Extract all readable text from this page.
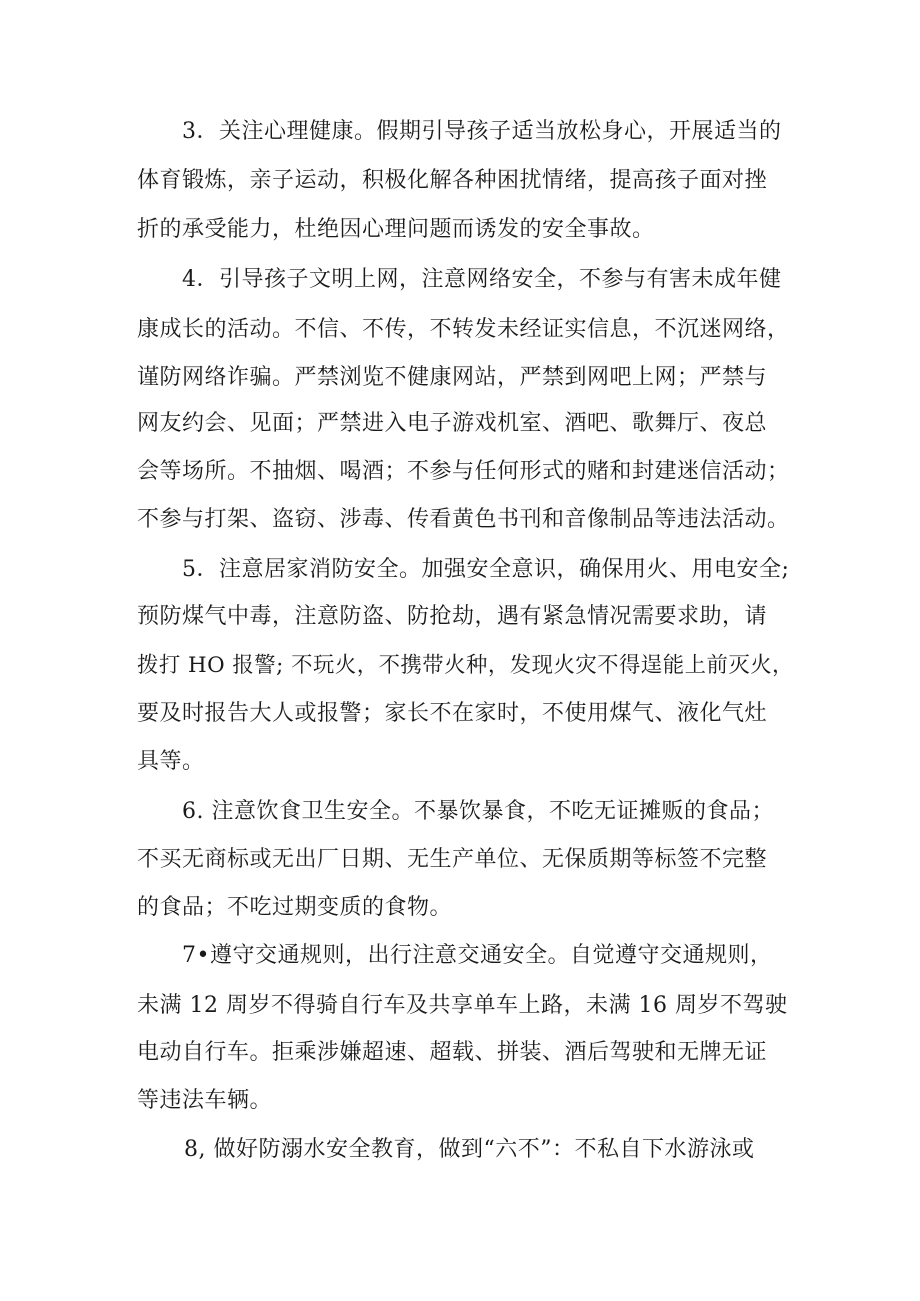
3．关注心理健康。假期引导孩子适当放松身心，开展适当的
体育锻炼，亲子运动，积极化解各种困扰情绪，提高孩子面对挫
折的承受能力，杜绝因心理问题而诱发的安全事故。
4．引导孩子文明上网，注意网络安全，不参与有害未成年健
康成长的活动。不信、不传，不转发未经证实信息，不沉迷网络，
谨防网络诈骗。严禁浏览不健康网站，严禁到网吧上网；严禁与
网友约会、见面；严禁进入电子游戏机室、酒吧、歌舞厅、夜总
会等场所。不抽烟、喝酒；不参与任何形式的赌和封建迷信活动；
不参与打架、盗窃、涉毒、传看黄色书刊和音像制品等违法活动。
5．注意居家消防安全。加强安全意识，确保用火、用电安全;
预防煤气中毒，注意防盗、防抢劫，遇有紧急情况需要求助，请
拨打 HO 报警; 不玩火，不携带火种，发现火灾不得逞能上前灭火，
要及时报告大人或报警；家长不在家时，不使用煤气、液化气灶
具等。
6. 注意饮食卫生安全。不暴饮暴食，不吃无证摊贩的食品；
不买无商标或无出厂日期、无生产单位、无保质期等标签不完整
的食品；不吃过期变质的食物。
7•遵守交通规则，出行注意交通安全。自觉遵守交通规则，
未满 12 周岁不得骑自行车及共享单车上路，未满 16 周岁不驾驶
电动自行车。拒乘涉嫌超速、超载、拼装、酒后驾驶和无牌无证
等违法车辆。
8, 做好防溺水安全教育，做到“六不”：不私自下水游泳或
